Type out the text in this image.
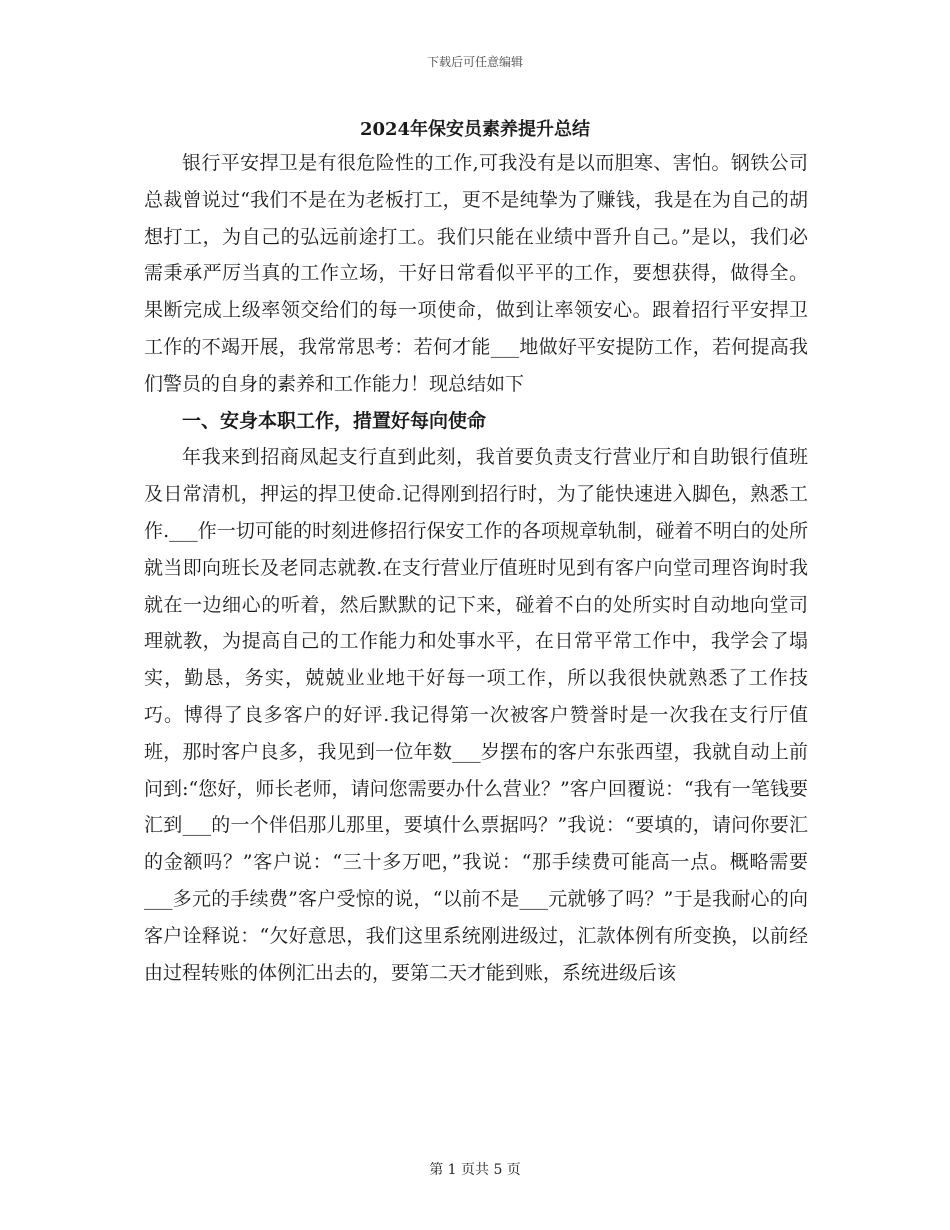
下载后可任意编辑
2024年保安员素养提升总结

银行平安捍卫是有很危险性的工作,可我没有是以而胆寒、害怕。钢铁公司总裁曾说过“我们不是在为老板打工，更不是纯挚为了赚钱，我是在为自己的胡想打工，为自己的弘远前途打工。我们只能在业绩中晋升自己。”是以，我们必需秉承严厉当真的工作立场，干好日常看似平平的工作，要想获得，做得全。果断完成上级率领交给们的每一项使命，做到让率领安心。跟着招行平安捍卫工作的不竭开展，我常常思考：若何才能___地做好平安提防工作，若何提高我们警员的自身的素养和工作能力！现总结如下

一、安身本职工作，措置好每向使命

年我来到招商凤起支行直到此刻，我首要负责支行营业厅和自助银行值班及日常清机，押运的捍卫使命.记得刚到招行时，为了能快速进入脚色，熟悉工作.___作一切可能的时刻进修招行保安工作的各项规章轨制，碰着不明白的处所就当即向班长及老同志就教.在支行营业厅值班时见到有客户向堂司理咨询时我就在一边细心的听着，然后默默的记下来，碰着不白的处所实时自动地向堂司理就教，为提高自己的工作能力和处事水平，在日常平常工作中，我学会了塌实，勤恳，务实，兢兢业业地干好每一项工作，所以我很快就熟悉了工作技巧。博得了良多客户的好评.我记得第一次被客户赞誉时是一次我在支行厅值班，那时客户良多，我见到一位年数___岁摆布的客户东张西望，我就自动上前问到:“您好，师长老师，请问您需要办什么营业？”客户回覆说：“我有一笔钱要汇到___的一个伴侣那儿那里，要填什么票据吗？”我说：“要填的，请问你要汇的金额吗？”客户说：“三十多万吧，”我说：“那手续费可能高一点。概略需要___多元的手续费”客户受惊的说，“以前不是___元就够了吗？”于是我耐心的向客户诠释说：“欠好意思，我们这里系统刚进级过，汇款体例有所变换，以前经由过程转账的体例汇出去的，要第二天才能到账，系统进级后该

第 1 页共 5 页
